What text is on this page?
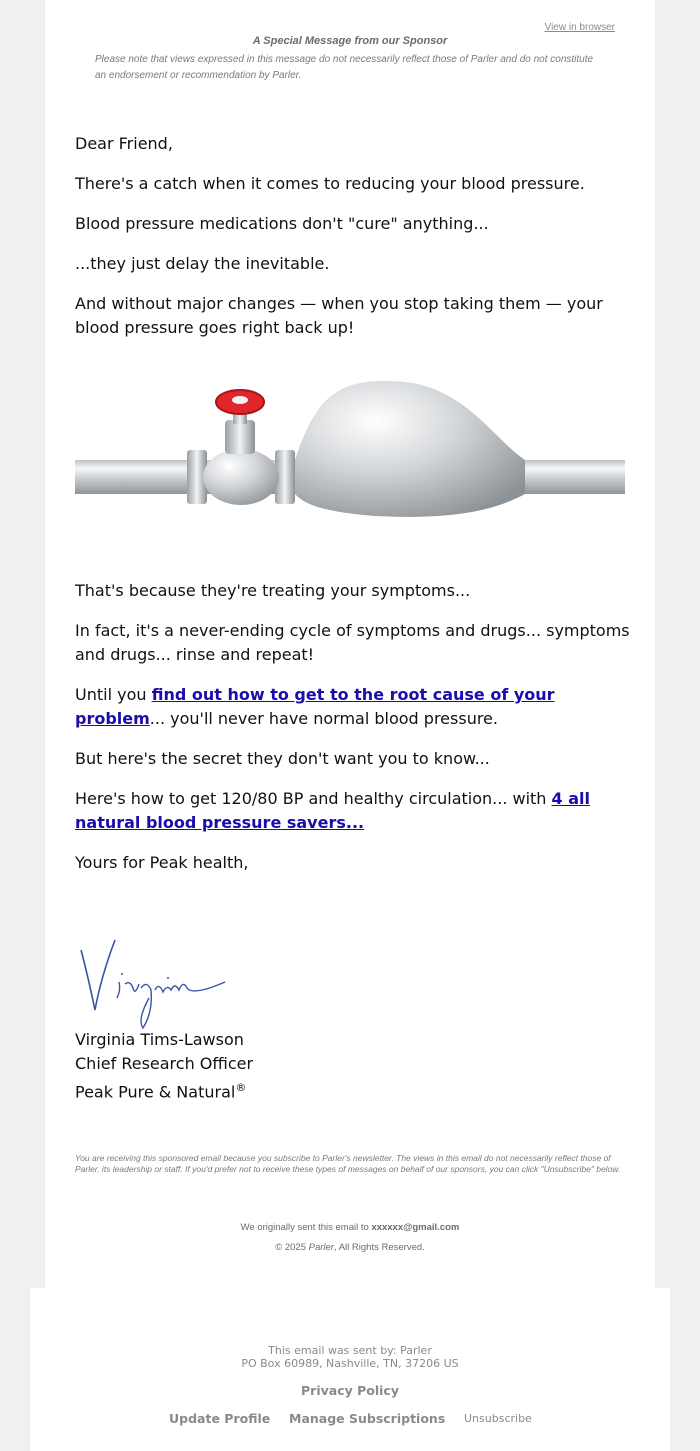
View in browser
A Special Message from our Sponsor
Please note that views expressed in this message do not necessarily reflect those of Parler and do not constitute an endorsement or recommendation by Parler.

Dear Friend,

There's a catch when it comes to reducing your blood pressure.

Blood pressure medications don't "cure" anything...

...they just delay the inevitable.

And without major changes — when you stop taking them — your blood pressure goes right back up!

That's because they're treating your symptoms...

In fact, it's a never-ending cycle of symptoms and drugs... symptoms and drugs... rinse and repeat!

Until you find out how to get to the root cause of your problem... you'll never have normal blood pressure.

But here's the secret they don't want you to know...

Here's how to get 120/80 BP and healthy circulation... with 4 all natural blood pressure savers...

Yours for Peak health,

Virginia Tims-Lawson
Chief Research Officer
Peak Pure & Natural®
You are receiving this sponsored email because you subscribe to Parler's newsletter. The views in this email do not necessarily reflect those of Parler, its leadership or staff. If you'd prefer not to receive these types of messages on behalf of our sponsors, you can click "Unsubscribe" below.
We originally sent this email to xxxxxx@gmail.com
© 2025 Parler, All Rights Reserved.
This email was sent by: Parler
PO Box 60989, Nashville, TN, 37206 US
Privacy Policy
Update Profile Manage Subscriptions Unsubscribe
